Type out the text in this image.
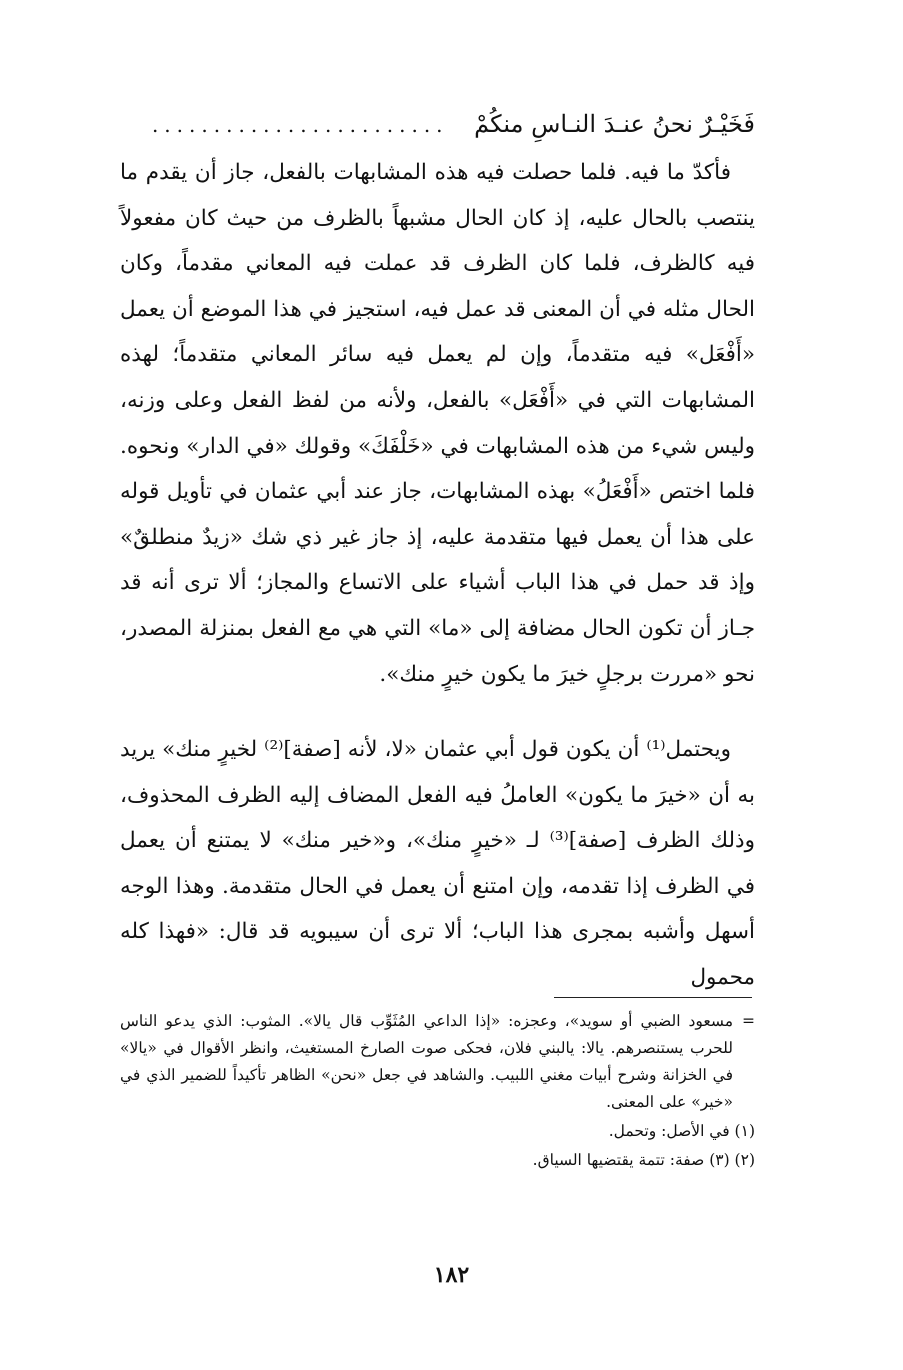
فَخَيْـرٌ نحنُ عنـدَ النـاسِ منكُمْ ........................

فأكدّ ما فيه. فلما حصلت فيه هذه المشابهات بالفعل، جاز أن يقدم ما ينتصب بالحال عليه، إذ كان الحال مشبهاً بالظرف من حيث كان مفعولاً فيه كالظرف، فلما كان الظرف قد عملت فيه المعاني مقدماً، وكان الحال مثله في أن المعنى قد عمل فيه، استجيز في هذا الموضع أن يعمل «أَفْعَل» فيه متقدماً، وإن لم يعمل فيه سائر المعاني متقدماً؛ لهذه المشابهات التي في «أَفْعَل» بالفعل، ولأنه من لفظ الفعل وعلى وزنه، وليس شيء من هذه المشابهات في «خَلْفَكَ» وقولك «في الدار» ونحوه. فلما اختص «أَفْعَلُ» بهذه المشابهات، جاز عند أبي عثمان في تأويل قوله على هذا أن يعمل فيها متقدمة عليه، إذ جاز غير ذي شك «زيدٌ منطلقٌ» وإذ قد حمل في هذا الباب أشياء على الاتساع والمجاز؛ ألا ترى أنه قد جـاز أن تكون الحال مضافة إلى «ما» التي هي مع الفعل بمنزلة المصدر، نحو «مررت برجلٍ خيرَ ما يكون خيرٍ منك».

ويحتمل⁽¹⁾ أن يكون قول أبي عثمان «لا، لأنه [صفة]⁽²⁾ لخيرٍ منك» يريد به أن «خيرَ ما يكون» العاملُ فيه الفعل المضاف إليه الظرف المحذوف، وذلك الظرف [صفة]⁽³⁾ لـ «خيرٍ منك»، و«خير منك» لا يمتنع أن يعمل في الظرف إذا تقدمه، وإن امتنع أن يعمل في الحال متقدمة. وهذا الوجه أسهل وأشبه بمجرى هذا الباب؛ ألا ترى أن سيبويه قد قال: «فهذا كله محمول

=
مسعود الضبي أو سويد»، وعجزه: «إذا الداعي المُثَوِّب قال يالا». المثوب: الذي يدعو الناس للحرب يستنصرهم. يالا: يالبني فلان، فحكى صوت الصارخ المستغيث، وانظر الأقوال في «يالا» في الخزانة وشرح أبيات مغني اللبيب. والشاهد في جعل «نحن» الظاهر تأكيداً للضمير الذي في «خير» على المعنى.

(١) في الأصل: وتحمل.

(٢) (٣) صفة: تتمة يقتضيها السياق.

١٨٢
